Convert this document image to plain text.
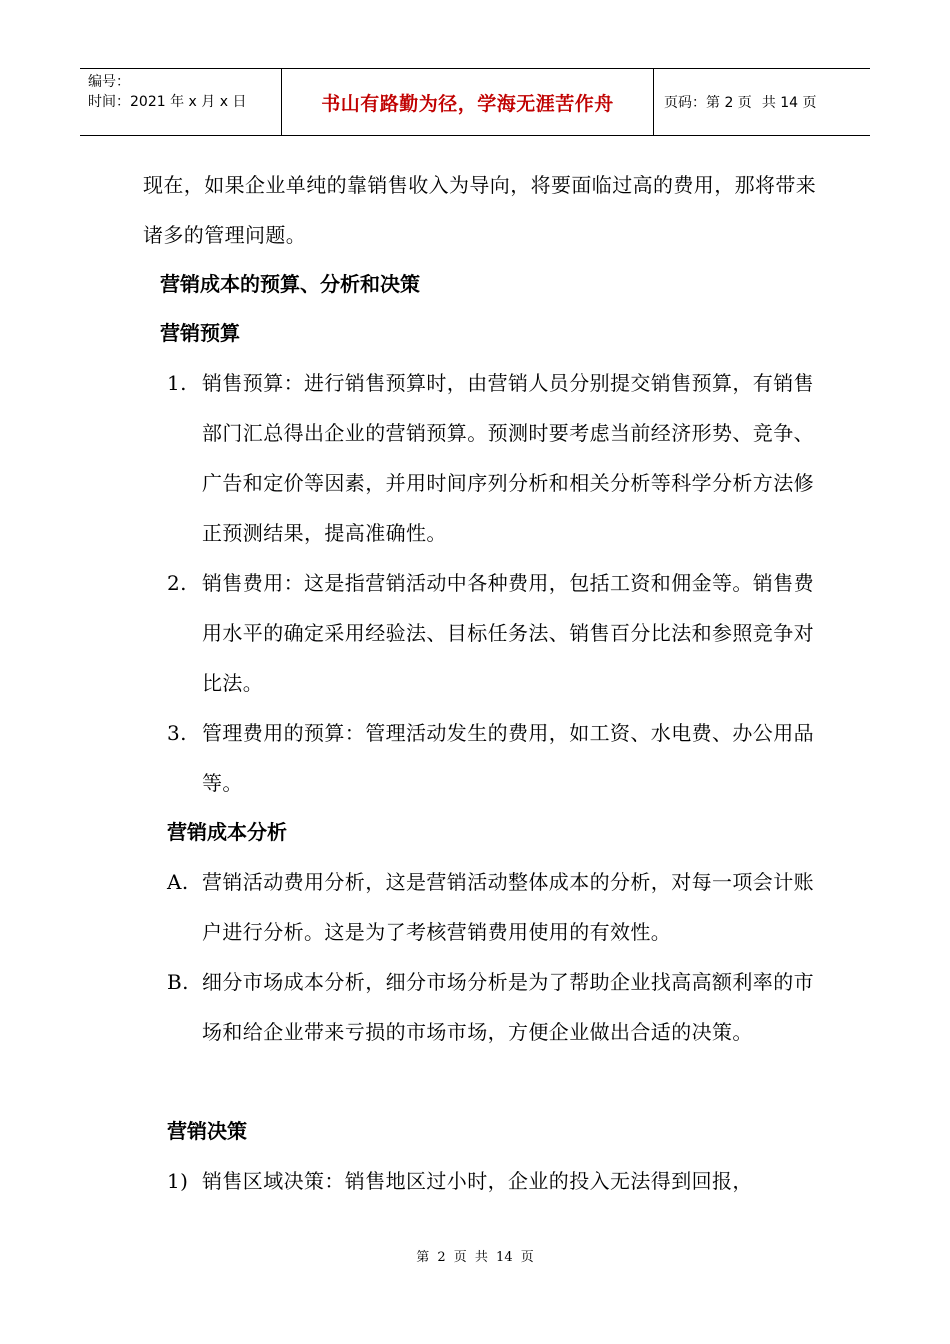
编号：
时间：2021 年 x 月 x 日	书山有路勤为径，学海无涯苦作舟	页码：第 2 页 共 14 页
现在，如果企业单纯的靠销售收入为导向，将要面临过高的费用，那将带来诸多的管理问题。
营销成本的预算、分析和决策
营销预算
1. 销售预算：进行销售预算时，由营销人员分别提交销售预算，有销售部门汇总得出企业的营销预算。预测时要考虑当前经济形势、竞争、广告和定价等因素，并用时间序列分析和相关分析等科学分析方法修正预测结果，提高准确性。
2. 销售费用：这是指营销活动中各种费用，包括工资和佣金等。销售费用水平的确定采用经验法、目标任务法、销售百分比法和参照竞争对比法。
3. 管理费用的预算：管理活动发生的费用，如工资、水电费、办公用品等。
营销成本分析
A. 营销活动费用分析，这是营销活动整体成本的分析，对每一项会计账户进行分析。这是为了考核营销费用使用的有效性。
B. 细分市场成本分析，细分市场分析是为了帮助企业找高高额利率的市场和给企业带来亏损的市场市场，方便企业做出合适的决策。
营销决策
1) 销售区域决策：销售地区过小时，企业的投入无法得到回报，
第 2 页 共 14 页
